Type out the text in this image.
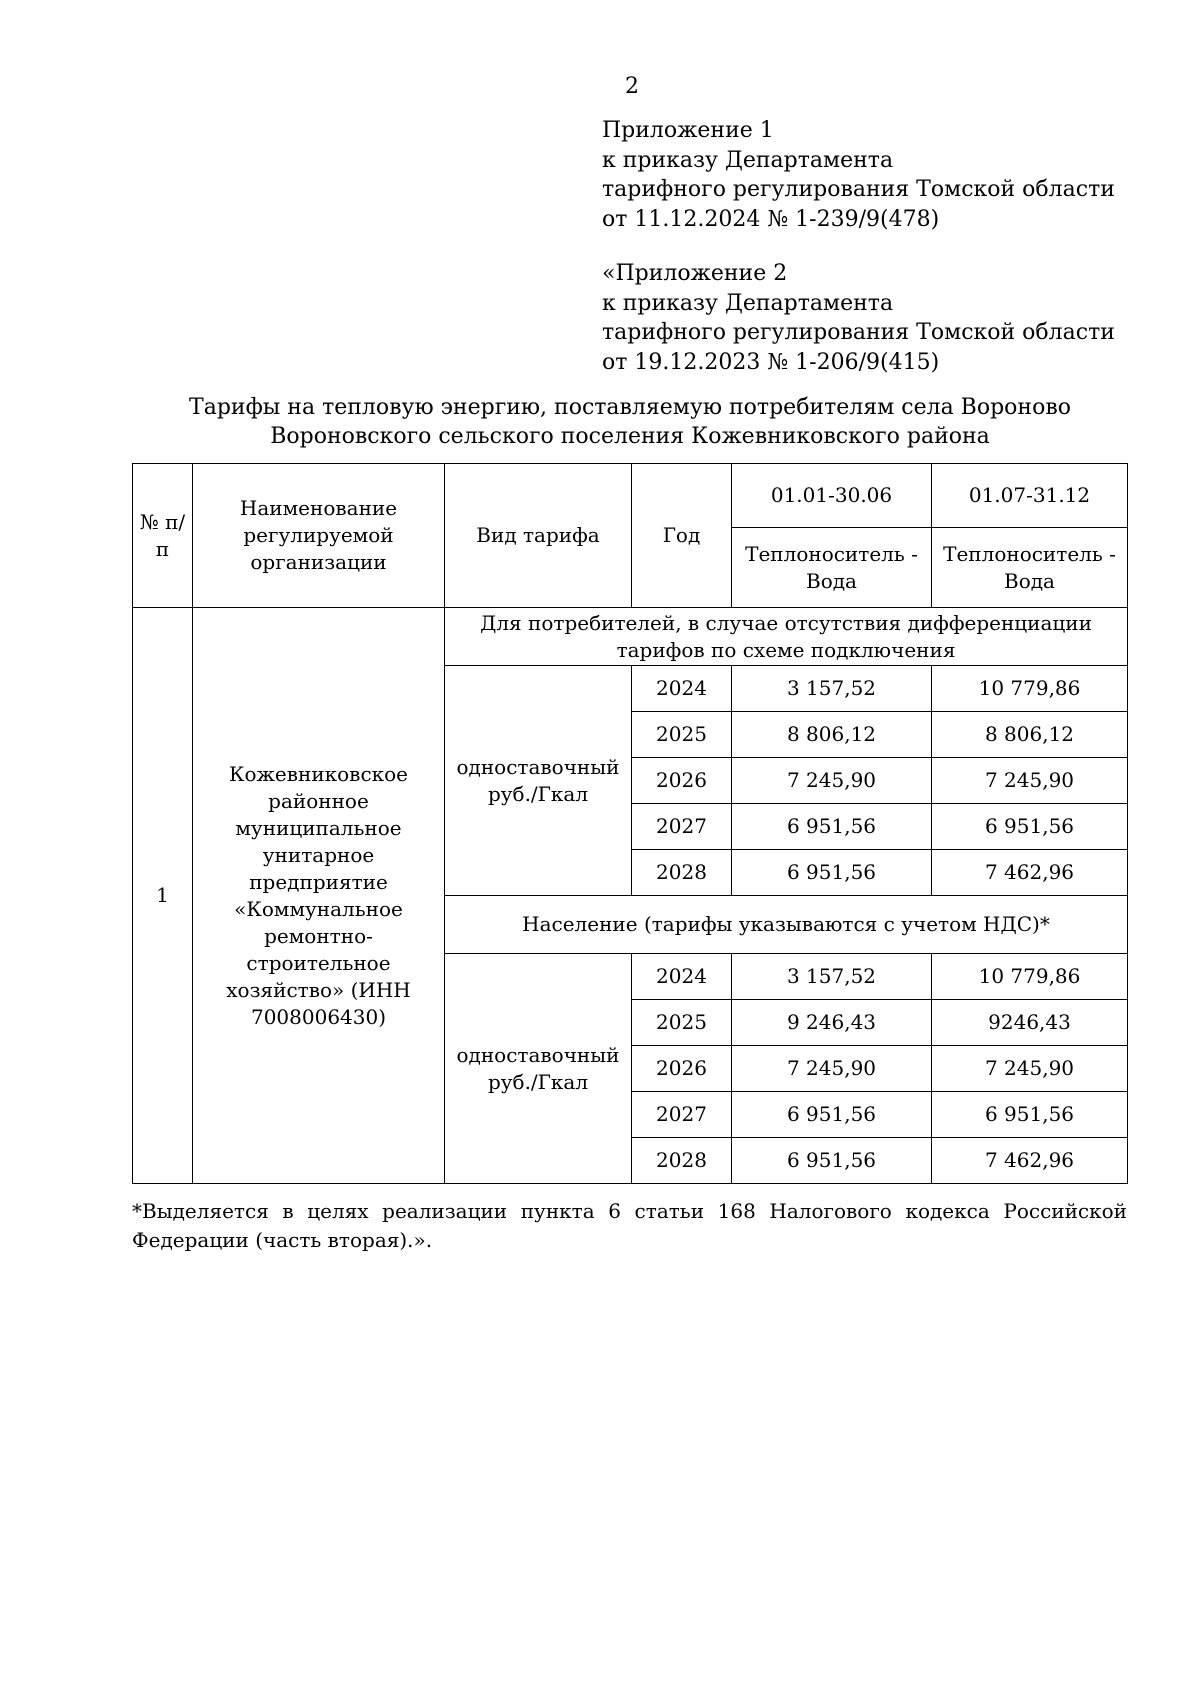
2
Приложение 1
к приказу Департамента
тарифного регулирования Томской области
от 11.12.2024 № 1-239/9(478)
«Приложение 2
к приказу Департамента
тарифного регулирования Томской области
от 19.12.2023 № 1-206/9(415)
Тарифы на тепловую энергию, поставляемую потребителям села Вороново
Вороновского сельского поселения Кожевниковского района
№ п/п	Наименование регулируемой организации	Вид тарифа	Год	01.01-30.06	01.07-31.12
				Теплоноситель - Вода	Теплоноситель - Вода
1	Кожевниковское районное муниципальное унитарное предприятие «Коммунальное ремонтно-строительное хозяйство» (ИНН 7008006430)	Для потребителей, в случае отсутствия дифференциации тарифов по схеме подключения			
		одноставочный руб./Гкал	2024	3 157,52	10 779,86
			2025	8 806,12	8 806,12
			2026	7 245,90	7 245,90
			2027	6 951,56	6 951,56
			2028	6 951,56	7 462,96
		Население (тарифы указываются с учетом НДС)*			
		одноставочный руб./Гкал	2024	3 157,52	10 779,86
			2025	9 246,43	9246,43
			2026	7 245,90	7 245,90
			2027	6 951,56	6 951,56
			2028	6 951,56	7 462,96
*Выделяется в целях реализации пункта 6 статьи 168 Налогового кодекса Российской Федерации (часть вторая).».
